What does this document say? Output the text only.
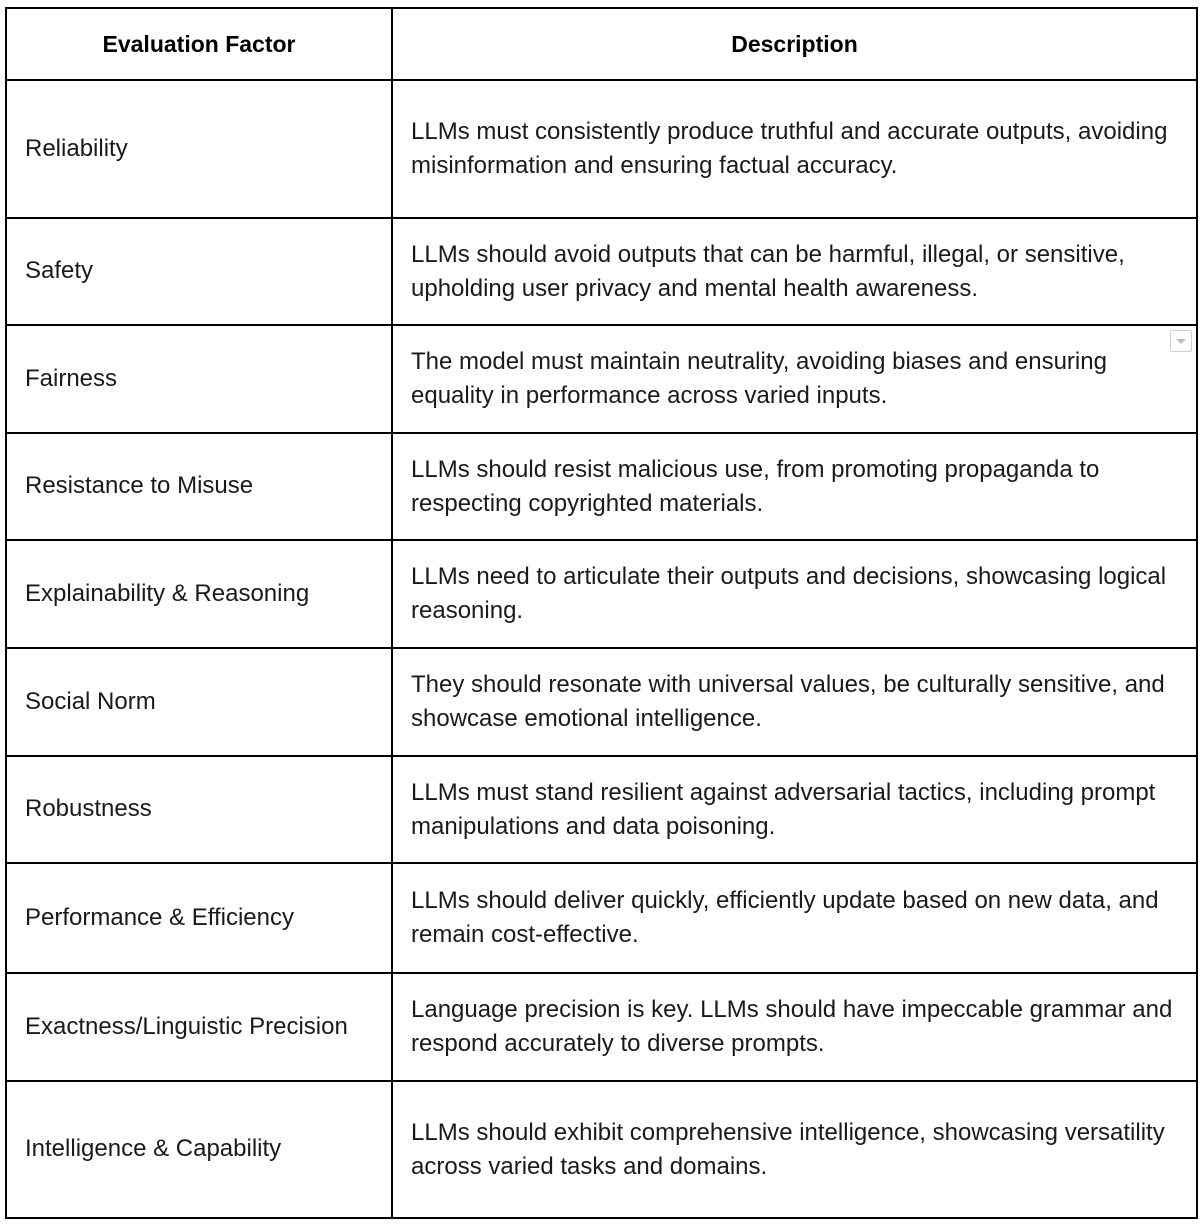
Evaluation Factor	Description
Reliability	LLMs must consistently produce truthful and accurate outputs, avoiding misinformation and ensuring factual accuracy.
Safety	LLMs should avoid outputs that can be harmful, illegal, or sensitive, upholding user privacy and mental health awareness.
Fairness	The model must maintain neutrality, avoiding biases and ensuring equality in performance across varied inputs.

Resistance to Misuse	LLMs should resist malicious use, from promoting propaganda to respecting copyrighted materials.
Explainability & Reasoning	LLMs need to articulate their outputs and decisions, showcasing logical reasoning.
Social Norm	They should resonate with universal values, be culturally sensitive, and showcase emotional intelligence.
Robustness	LLMs must stand resilient against adversarial tactics, including prompt manipulations and data poisoning.
Performance & Efficiency	LLMs should deliver quickly, efficiently update based on new data, and remain cost-effective.
Exactness/Linguistic Precision	Language precision is key. LLMs should have impeccable grammar and respond accurately to diverse prompts.
Intelligence & Capability	LLMs should exhibit comprehensive intelligence, showcasing versatility across varied tasks and domains.
